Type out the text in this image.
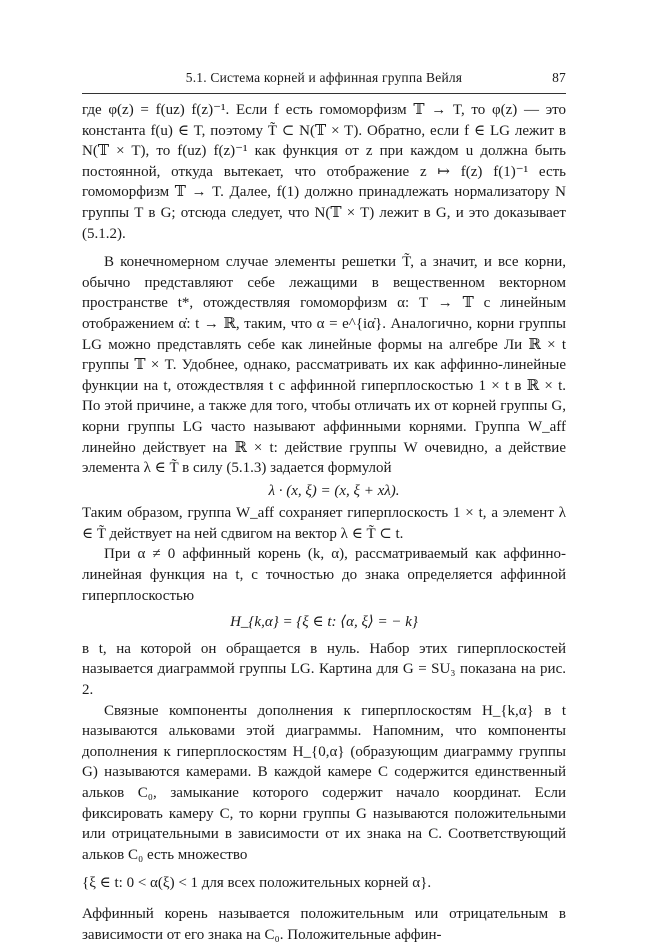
5.1. Система корней и аффинная группа Вейля	87

где φ(z) = f(uz) f(z)⁻¹. Если f есть гомоморфизм 𝕋 → T, то φ(z) — это константа f(u) ∈ T, поэтому T̃ ⊂ N(𝕋 × T). Обратно, если f ∈ LG лежит в N(𝕋 × T), то f(uz) f(z)⁻¹ как функция от z при каждом u должна быть постоянной, откуда вытекает, что отображение z ↦ f(z) f(1)⁻¹ есть гомоморфизм 𝕋 → T. Далее, f(1) должно принадлежать нормализатору N группы T в G; отсюда следует, что N(𝕋 × T) лежит в G, и это доказывает (5.1.2).

В конечномерном случае элементы решетки T̃, а значит, и все корни, обычно представляют себе лежащими в вещественном векторном пространстве t*, отождествляя гомоморфизм α: T → 𝕋 с линейным отображением α̇: t → ℝ, таким, что α = e^{iα̇}. Аналогично, корни группы LG можно представлять себе как линейные формы на алгебре Ли ℝ × t группы 𝕋 × T. Удобнее, однако, рассматривать их как аффинно-линейные функции на t, отождествляя t с аффинной гиперплоскостью 1 × t в ℝ × t. По этой причине, а также для того, чтобы отличать их от корней группы G, корни группы LG часто называют аффинными корнями. Группа W_aff линейно действует на ℝ × t: действие группы W очевидно, а действие элемента λ ∈ T̃ в силу (5.1.3) задается формулой

λ · (x, ξ) = (x, ξ + xλ).

Таким образом, группа W_aff сохраняет гиперплоскость 1 × t, а элемент λ ∈ T̃ действует на ней сдвигом на вектор λ ∈ T̃ ⊂ t.

При α ≠ 0 аффинный корень (k, α), рассматриваемый как аффинно-линейная функция на t, с точностью до знака определяется аффинной гиперплоскостью

H_{k,α} = {ξ ∈ t: ⟨α, ξ⟩ = − k}

в t, на которой он обращается в нуль. Набор этих гиперплоскостей называется диаграммой группы LG. Картина для G = SU₃ показана на рис. 2.

Связные компоненты дополнения к гиперплоскостям H_{k,α} в t называются альковами этой диаграммы. Напомним, что компоненты дополнения к гиперплоскостям H_{0,α} (образующим диаграмму группы G) называются камерами. В каждой камере C содержится единственный альков C₀, замыкание которого содержит начало координат. Если фиксировать камеру C, то корни группы G называются положительными или отрицательными в зависимости от их знака на C. Соответствующий альков C₀ есть множество

{ξ ∈ t: 0 < α(ξ) < 1 для всех положительных корней α}.

Аффинный корень называется положительным или отрицательным в зависимости от его знака на C₀. Положительные аффин-
